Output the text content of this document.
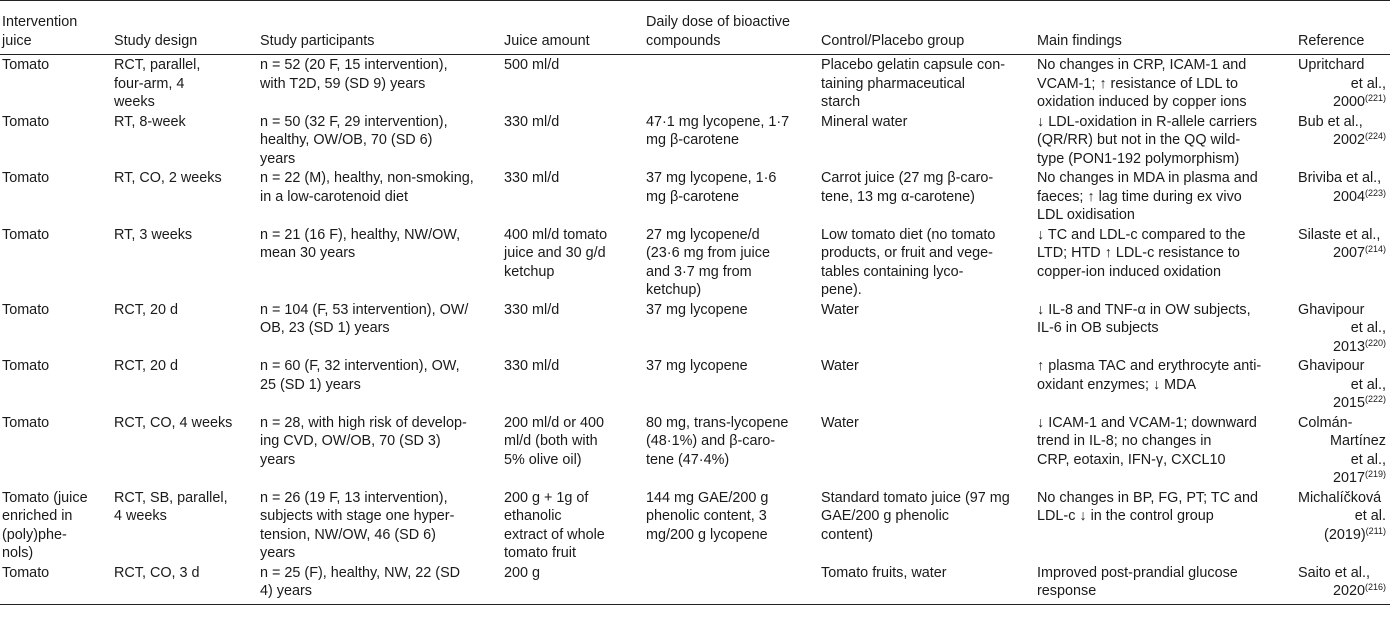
Intervention
juice	Study design	Study participants	Juice amount	Daily dose of bioactive
compounds	Control/Placebo group	Main findings	Reference
Tomato	RCT, parallel,
four-arm, 4
weeks	n = 52 (20 F, 15 intervention),
with T2D, 59 (SD 9) years	500 ml/d		Placebo gelatin capsule con-
taining pharmaceutical
starch	No changes in CRP, ICAM-1 and
VCAM-1; ↑ resistance of LDL to
oxidation induced by copper ions	Upritchard
et al.,
2000$^{(221)}$

Tomato	RT, 8-week	n = 50 (32 F, 29 intervention),
healthy, OW/OB, 70 (SD 6)
years	330 ml/d	47·1 mg lycopene, 1·7
mg β-carotene	Mineral water	↓ LDL-oxidation in R-allele carriers
(QR/RR) but not in the QQ wild-
type (PON1-192 polymorphism)	Bub et al.,
2002$^{(224)}$

Tomato	RT, CO, 2 weeks	n = 22 (M), healthy, non-smoking,
in a low-carotenoid diet	330 ml/d	37 mg lycopene, 1·6
mg β-carotene	Carrot juice (27 mg β-caro-
tene, 13 mg α-carotene)	No changes in MDA in plasma and
faeces; ↑ lag time during ex vivo
LDL oxidisation	Briviba et al.,
2004$^{(223)}$

Tomato	RT, 3 weeks	n = 21 (16 F), healthy, NW/OW,
mean 30 years	400 ml/d tomato
juice and 30 g/d
ketchup	27 mg lycopene/d
(23·6 mg from juice
and 3·7 mg from
ketchup)	Low tomato diet (no tomato
products, or fruit and vege-
tables containing lyco-
pene).	↓ TC and LDL-c compared to the
LTD; HTD ↑ LDL-c resistance to
copper-ion induced oxidation	Silaste et al.,
2007$^{(214)}$

Tomato	RCT, 20 d	n = 104 (F, 53 intervention), OW/
OB, 23 (SD 1) years	330 ml/d	37 mg lycopene	Water	↓ IL-8 and TNF-α in OW subjects,
IL-6 in OB subjects	Ghavipour
et al.,
2013$^{(220)}$

Tomato	RCT, 20 d	n = 60 (F, 32 intervention), OW,
25 (SD 1) years	330 ml/d	37 mg lycopene	Water	↑ plasma TAC and erythrocyte anti-
oxidant enzymes; ↓ MDA	Ghavipour
et al.,
2015$^{(222)}$

Tomato	RCT, CO, 4 weeks	n = 28, with high risk of develop-
ing CVD, OW/OB, 70 (SD 3)
years	200 ml/d or 400
ml/d (both with
5% olive oil)	80 mg, trans-lycopene
(48·1%) and β-caro-
tene (47·4%)	Water	↓ ICAM-1 and VCAM-1; downward
trend in IL-8; no changes in
CRP, eotaxin, IFN-γ, CXCL10	Colmán-
Martínez
et al.,
2017$^{(219)}$

Tomato (juice
enriched in
(poly)phe-
nols)	RCT, SB, parallel,
4 weeks	n = 26 (19 F, 13 intervention),
subjects with stage one hyper-
tension, NW/OW, 46 (SD 6)
years	200 g + 1g of
ethanolic
extract of whole
tomato fruit	144 mg GAE/200 g
phenolic content, 3
mg/200 g lycopene	Standard tomato juice (97 mg
GAE/200 g phenolic
content)	No changes in BP, FG, PT; TC and
LDL-c ↓ in the control group	Michalíčková
et al.
$(2019)^{(211)}$

Tomato	RCT, CO, 3 d	n = 25 (F), healthy, NW, 22 (SD
4) years	200 g		Tomato fruits, water	Improved post-prandial glucose
response	Saito et al.,
2020$^{(216)}$
